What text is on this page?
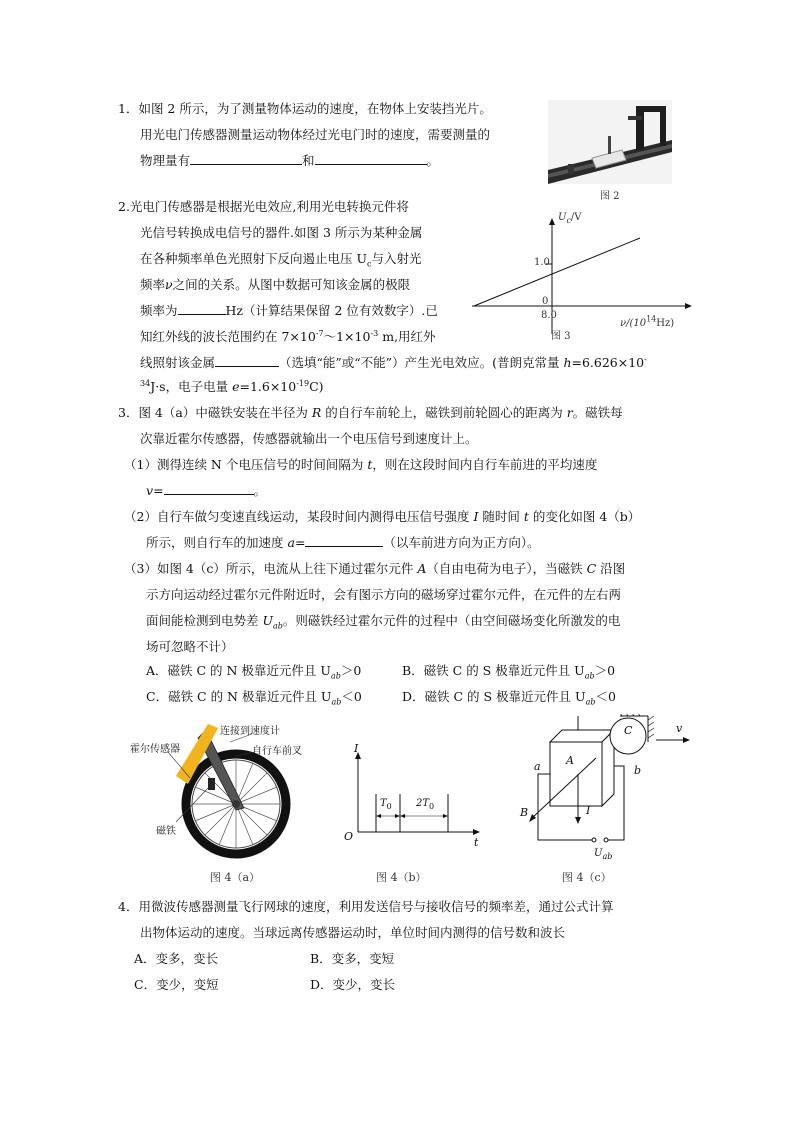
1．如图 2 所示，为了测量物体运动的速度，在物体上安装挡光片。
用光电门传感器测量运动物体经过光电门时的速度，需要测量的
物理量有	和	。
图 2
2.光电门传感器是根据光电效应,利用光电转换元件将
光信号转换成电信号的器件.如图 3 所示为某种金属
在各种频率单色光照射下反向遏止电压 $U_c$与入射光
频率ν之间的关系。从图中数据可知该金属的极限
频率为	Hz（计算结果保留 2 位有效数字）.已
知红外线的波长范围约在 $7\times 10^{-7}\sim 1\times 10^{-3}$ m,用红外
线照射该金属	（选填“能”或“不能”）产生光电效应。(普朗克常量 h=6.626×10-
$^{34}$J·s，电子电量 $e=1.6\times 10^{-19}C$)
$U_c/V$
1.0
0
8.0
$\nu/(10^{14}Hz)$
图 3
3．图 4（a）中磁铁安装在半径为 R 的自行车前轮上，磁铁到前轮圆心的距离为 r。磁铁每
次靠近霍尔传感器，传感器就输出一个电压信号到速度计上。
（1）测得连续 N 个电压信号的时间间隔为 t，则在这段时间内自行车前进的平均速度
v=	。
（2）自行车做匀变速直线运动，某段时间内测得电压信号强度 I 随时间 t 的变化如图 4（b）
所示，则自行车的加速度 a=	（以车前进方向为正方向）。
（3）如图 4（c）所示，电流从上往下通过霍尔元件 A（自由电荷为电子），当磁铁 C 沿图
示方向运动经过霍尔元件附近时，会有图示方向的磁场穿过霍尔元件，在元件的左右两
面间能检测到电势差 $U_{ab}$。则磁铁经过霍尔元件的过程中（由空间磁场变化所激发的电
场可忽略不计）
A．磁铁 C 的 N 极靠近元件且 $U_{ab}>0$	B．磁铁 C 的 S 极靠近元件且 $U_{ab}>0$
C．磁铁 C 的 N 极靠近元件且 $U_{ab}<0$	D．磁铁 C 的 S 极靠近元件且 $U_{ab}<0$
连接到速度计
自行车前叉
霍尔传感器
磁铁
图 4（a）
I
O	t
$T_0$ $2T_0$
图 4（b）
C	v
A
a	b
B	I
$U_{ab}$
图 4（c）
4．用微波传感器测量飞行网球的速度，利用发送信号与接收信号的频率差，通过公式计算
出物体运动的速度。当球远离传感器运动时，单位时间内测得的信号数和波长
A．变多，变长	B．变多，变短
C．变少，变短	D．变少，变长
